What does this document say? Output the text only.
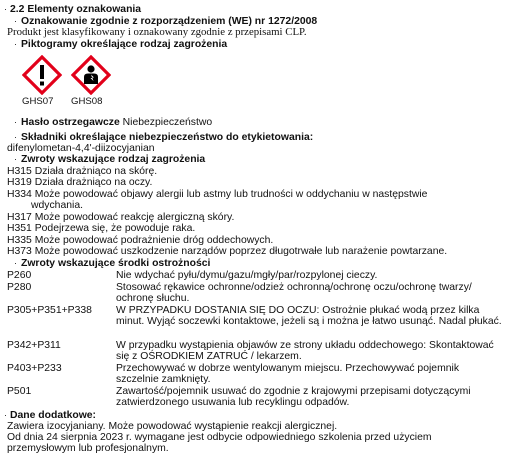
· 2.2 Elementy oznakowania
· Oznakowanie zgodnie z rozporządzeniem (WE) nr 1272/2008
Produkt jest klasyfikowany i oznakowany zgodnie z przepisami CLP.
· Piktogramy określające rodzaj zagrożenia
GHS07 GHS08
· Hasło ostrzegawcze Niebezpieczeństwo
· Składniki określające niebezpieczeństwo do etykietowania:
difenylometan-4,4'-diizocyjanian
· Zwroty wskazujące rodzaj zagrożenia
H315 Działa drażniąco na skórę.
H319 Działa drażniąco na oczy.
H334 Może powodować objawy alergii lub astmy lub trudności w oddychaniu w następstwie
wdychania.
H317 Może powodować reakcję alergiczną skóry.
H351 Podejrzewa się, że powoduje raka.
H335 Może powodować podrażnienie dróg oddechowych.
H373 Może powodować uszkodzenie narządów poprzez długotrwałe lub narażenie powtarzane.
· Zwroty wskazujące środki ostrożności
P260	Nie wdychać pyłu/dymu/gazu/mgły/par/rozpylonej cieczy.
P280	Stosować rękawice ochronne/odzież ochronną/ochronę oczu/ochronę twarzy/ ochronę słuchu.
P305+P351+P338 W PRZYPADKU DOSTANIA SIĘ DO OCZU: Ostrożnie płukać wodą przez kilka minut. Wyjąć soczewki kontaktowe, jeżeli są i można je łatwo usunąć. Nadal płukać.
P342+P311	W przypadku wystąpienia objawów ze strony układu oddechowego: Skontaktować się z OŚRODKIEM ZATRUĆ / lekarzem.
P403+P233	Przechowywać w dobrze wentylowanym miejscu. Przechowywać pojemnik szczelnie zamknięty.
P501	Zawartość/pojemnik usuwać do zgodnie z krajowymi przepisami dotyczącymi zatwierdzonego usuwania lub recyklingu odpadów.
· Dane dodatkowe:
Zawiera izocyjaniany. Może powodować wystąpienie reakcji alergicznej.
Od dnia 24 sierpnia 2023 r. wymagane jest odbycie odpowiedniego szkolenia przed użyciem
przemysłowym lub profesjonalnym.
